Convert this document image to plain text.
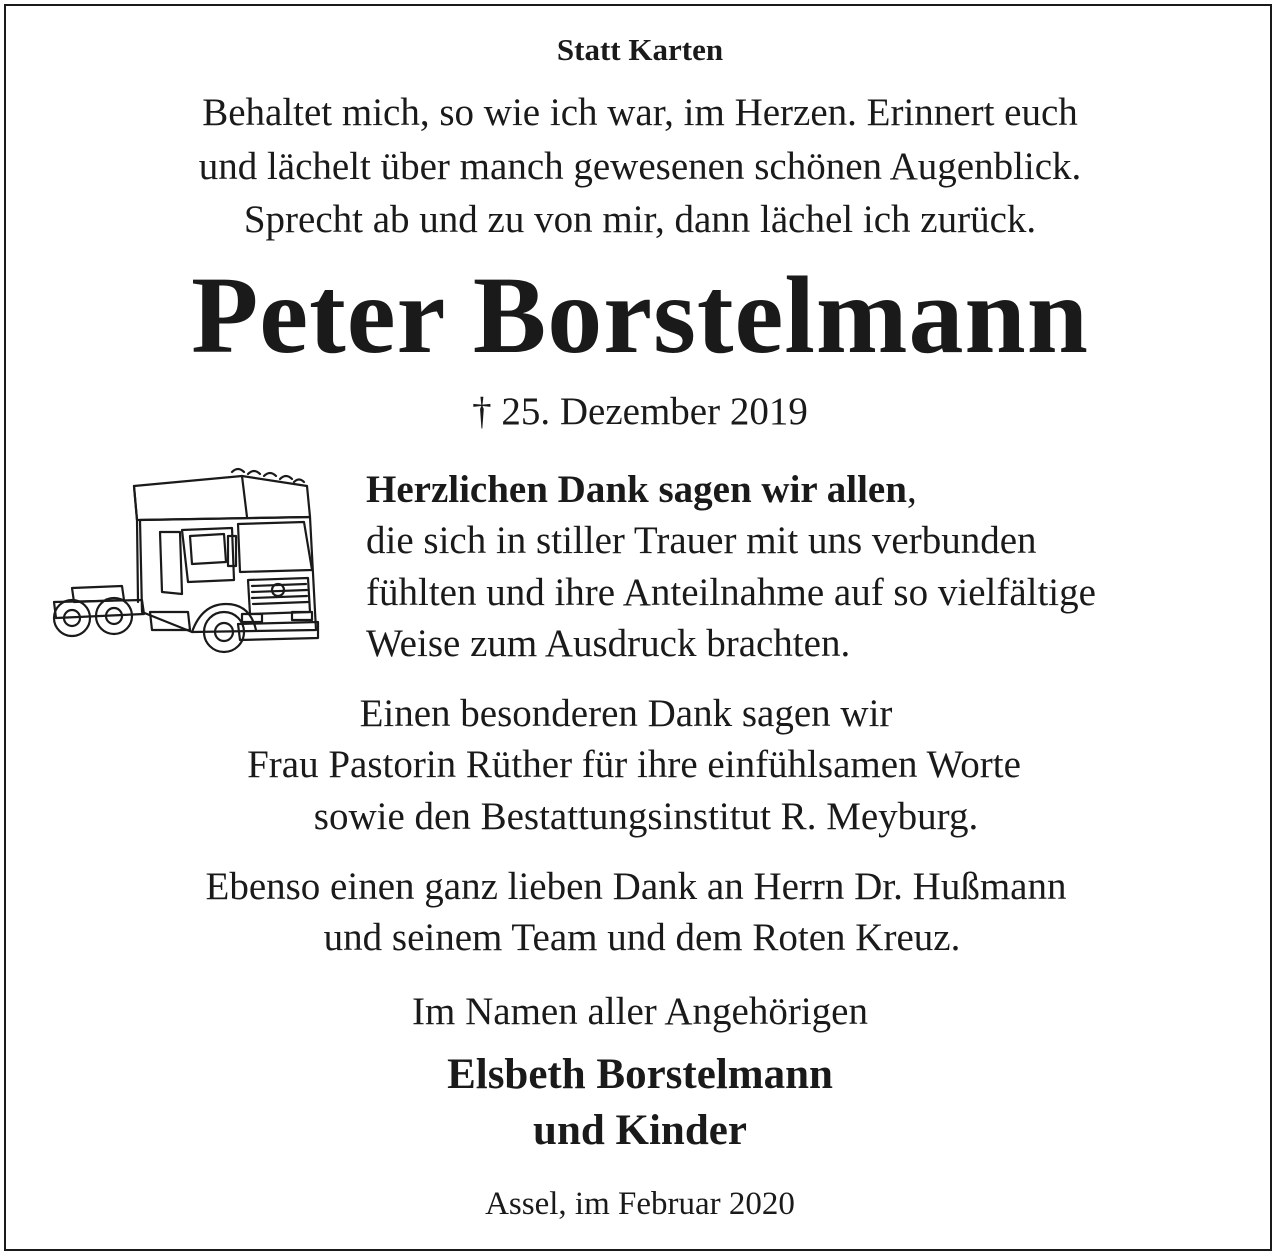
Statt Karten
Behaltet mich, so wie ich war, im Herzen. Erinnert euch
und lächelt über manch gewesenen schönen Augenblick.
Sprecht ab und zu von mir, dann lächel ich zurück.
Peter Borstelmann
† 25. Dezember 2019
Herzlichen Dank sagen wir allen,
die sich in stiller Trauer mit uns verbunden
fühlten und ihre Anteilnahme auf so vielfältige
Weise zum Ausdruck brachten.
Einen besonderen Dank sagen wir
Frau Pastorin Rüther für ihre einfühlsamen Worte
sowie den Bestattungsinstitut R. Meyburg.
Ebenso einen ganz lieben Dank an Herrn Dr. Hußmann
und seinem Team und dem Roten Kreuz.
Im Namen aller Angehörigen
Elsbeth Borstelmann
und Kinder
Assel, im Februar 2020
